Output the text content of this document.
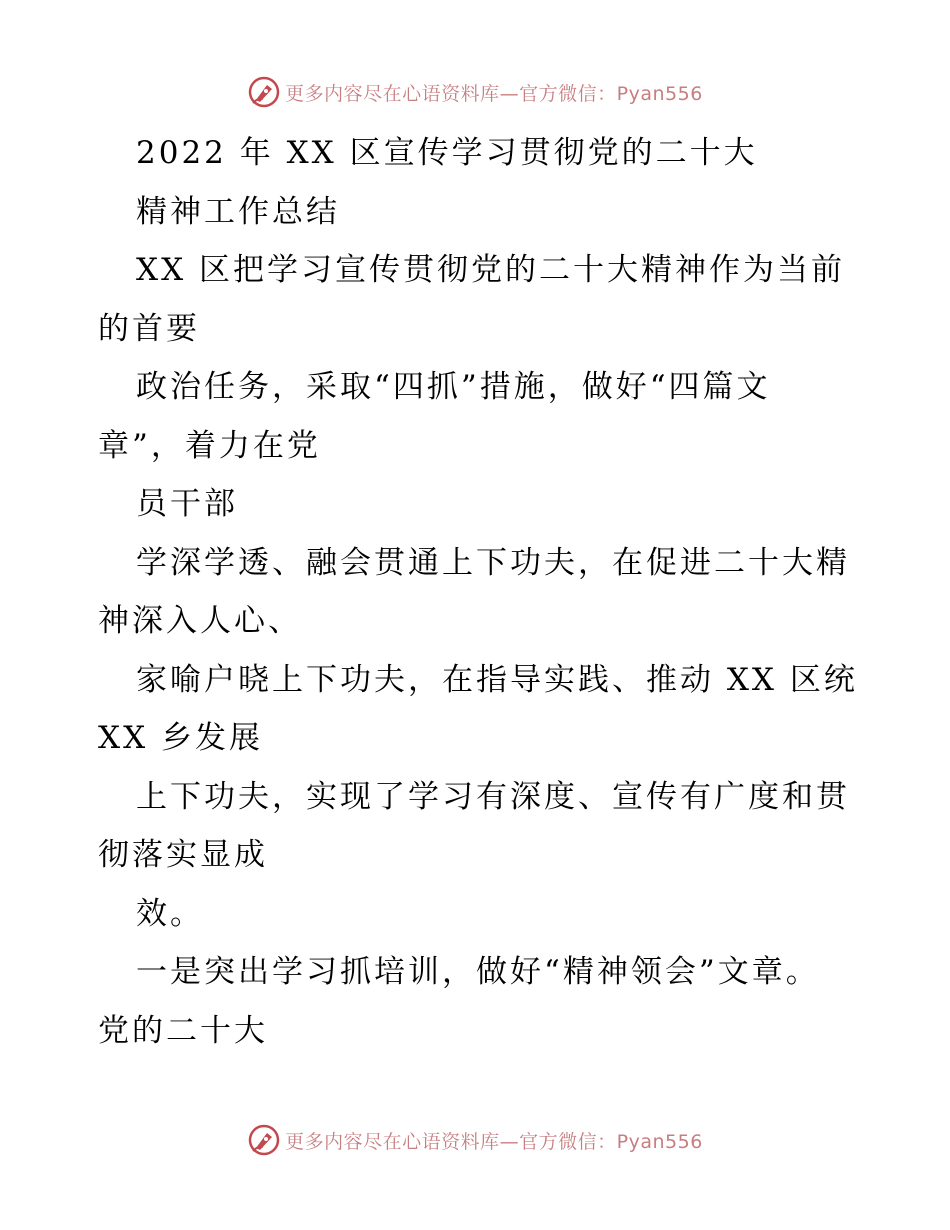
更多内容尽在心语资料库—官方微信：Pyan556
2022 年 XX 区宣传学习贯彻党的二十大
精神工作总结
XX 区把学习宣传贯彻党的二十大精神作为当前
的首要
政治任务，采取“四抓”措施，做好“四篇文
章”，着力在党
员干部
学深学透、融会贯通上下功夫，在促进二十大精
神深入人心、
家喻户晓上下功夫，在指导实践、推动 XX 区统
XX 乡发展
上下功夫，实现了学习有深度、宣传有广度和贯
彻落实显成
效。
一是突出学习抓培训，做好“精神领会”文章。
党的二十大
更多内容尽在心语资料库—官方微信：Pyan556
